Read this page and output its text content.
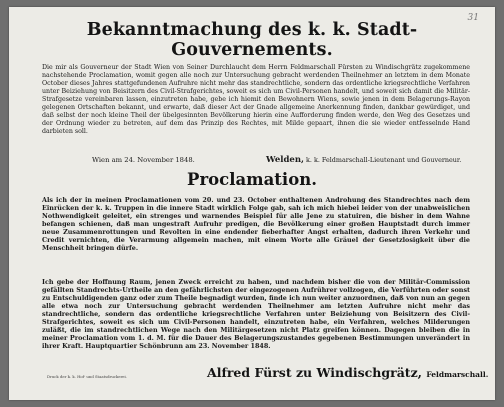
31
Bekanntmachung des k. k. Stadt-Gouvernements.
Die mir als Gouverneur der Stadt Wien von Seiner Durchlaucht dem Herrn Feldmarschall Fürsten zu Windischgrätz zugekommene nachstehende Proclamation, womit gegen alle noch zur Untersuchung gebracht werdenden Theilnehmer an letztem in dem Monate October dieses Jahres stattgefundenen Aufruhre nicht mehr das standrechtliche, sondern das ordentliche kriegsrechtliche Verfahren unter Beiziehung von Beisitzern des Civil-Strafgerichtes, soweit es sich um Civil-Personen handelt, und soweit sich damit die Militär-Strafgesetze vereinbaren lassen, einzutreten habe, gebe ich hiemit den Bewohnern Wiens, sowie jenen in dem Belagerungs-Rayon gelegenen Ortschaften bekannt, und erwarte, daß dieser Act der Gnade allgemeine Anerkennung finden, dankbar gewürdiget, und daß selbst der noch kleine Theil der übelgesinnten Bevölkerung hierin eine Aufforderung finden werde, den Weg des Gesetzes und der Ordnung wieder zu betreten, auf dem das Prinzip des Rechtes, mit Milde gepaart, ihnen die sie wieder entfesselnde Hand darbieten soll.
Wien am 24. November 1848.	Welden, k. k. Feldmarschall-Lieutenant und Gouverneur.
Proclamation.
Als ich der in meinen Proclamationen vom 20. und 23. October enthaltenen Androhung des Standrechtes nach dem Einrücken der k. k. Truppen in die innere Stadt wirklich Folge gab, sah ich mich hiebei leider von der unabweislichen Nothwendigkeit geleitet, ein strenges und warnendes Beispiel für alle Jene zu statuiren, die bisher in dem Wahne befangen schienen, daß man ungestraft Aufruhr predigen, die Bevölkerung einer großen Hauptstadt durch immer neue Zusammenrottungen und Revolten in eine endender fieberhafter Angst erhalten, dadurch ihren Verkehr und Credit vernichten, die Verarmung allgemein machen, mit einem Worte alle Gräuel der Gesetzlosigkeit über die Menschheit bringen dürfe.
Ich gebe der Hoffnung Raum, jenen Zweck erreicht zu haben, und nachdem bisher die von der Militär-Commission gefällten Standrechts-Urtheile an den gefährlichsten der eingezogenen Aufrührer vollzogen, die Verführten oder sonst zu Entschuldigenden ganz oder zum Theile begnadigt wurden, finde ich nun weiter anzuordnen, daß von nun an gegen alle etwa noch zur Untersuchung gebracht werdenden Theilnehmer am letzten Aufruhre nicht mehr das standrechtliche, sondern das ordentliche kriegsrechtliche Verfahren unter Beiziehung von Beisitzern des Civil-Strafgerichtes, soweit es sich um Civil-Personen handelt, einzutreten habe, ein Verfahren, welches Milderungen zuläßt, die im standrechtlichen Wege nach den Militärgesetzen nicht Platz greifen können. Dagegen bleiben die in meiner Proclamation vom 1. d. M. für die Dauer des Belagerungszustandes gegebenen Bestimmungen unverändert in ihrer Kraft. Hauptquartier Schönbrunn am 23. November 1848.
Druck der k. k. Hof- und Staatsdruckerei.	Alfred Fürst zu Windischgrätz, Feldmarschall.
